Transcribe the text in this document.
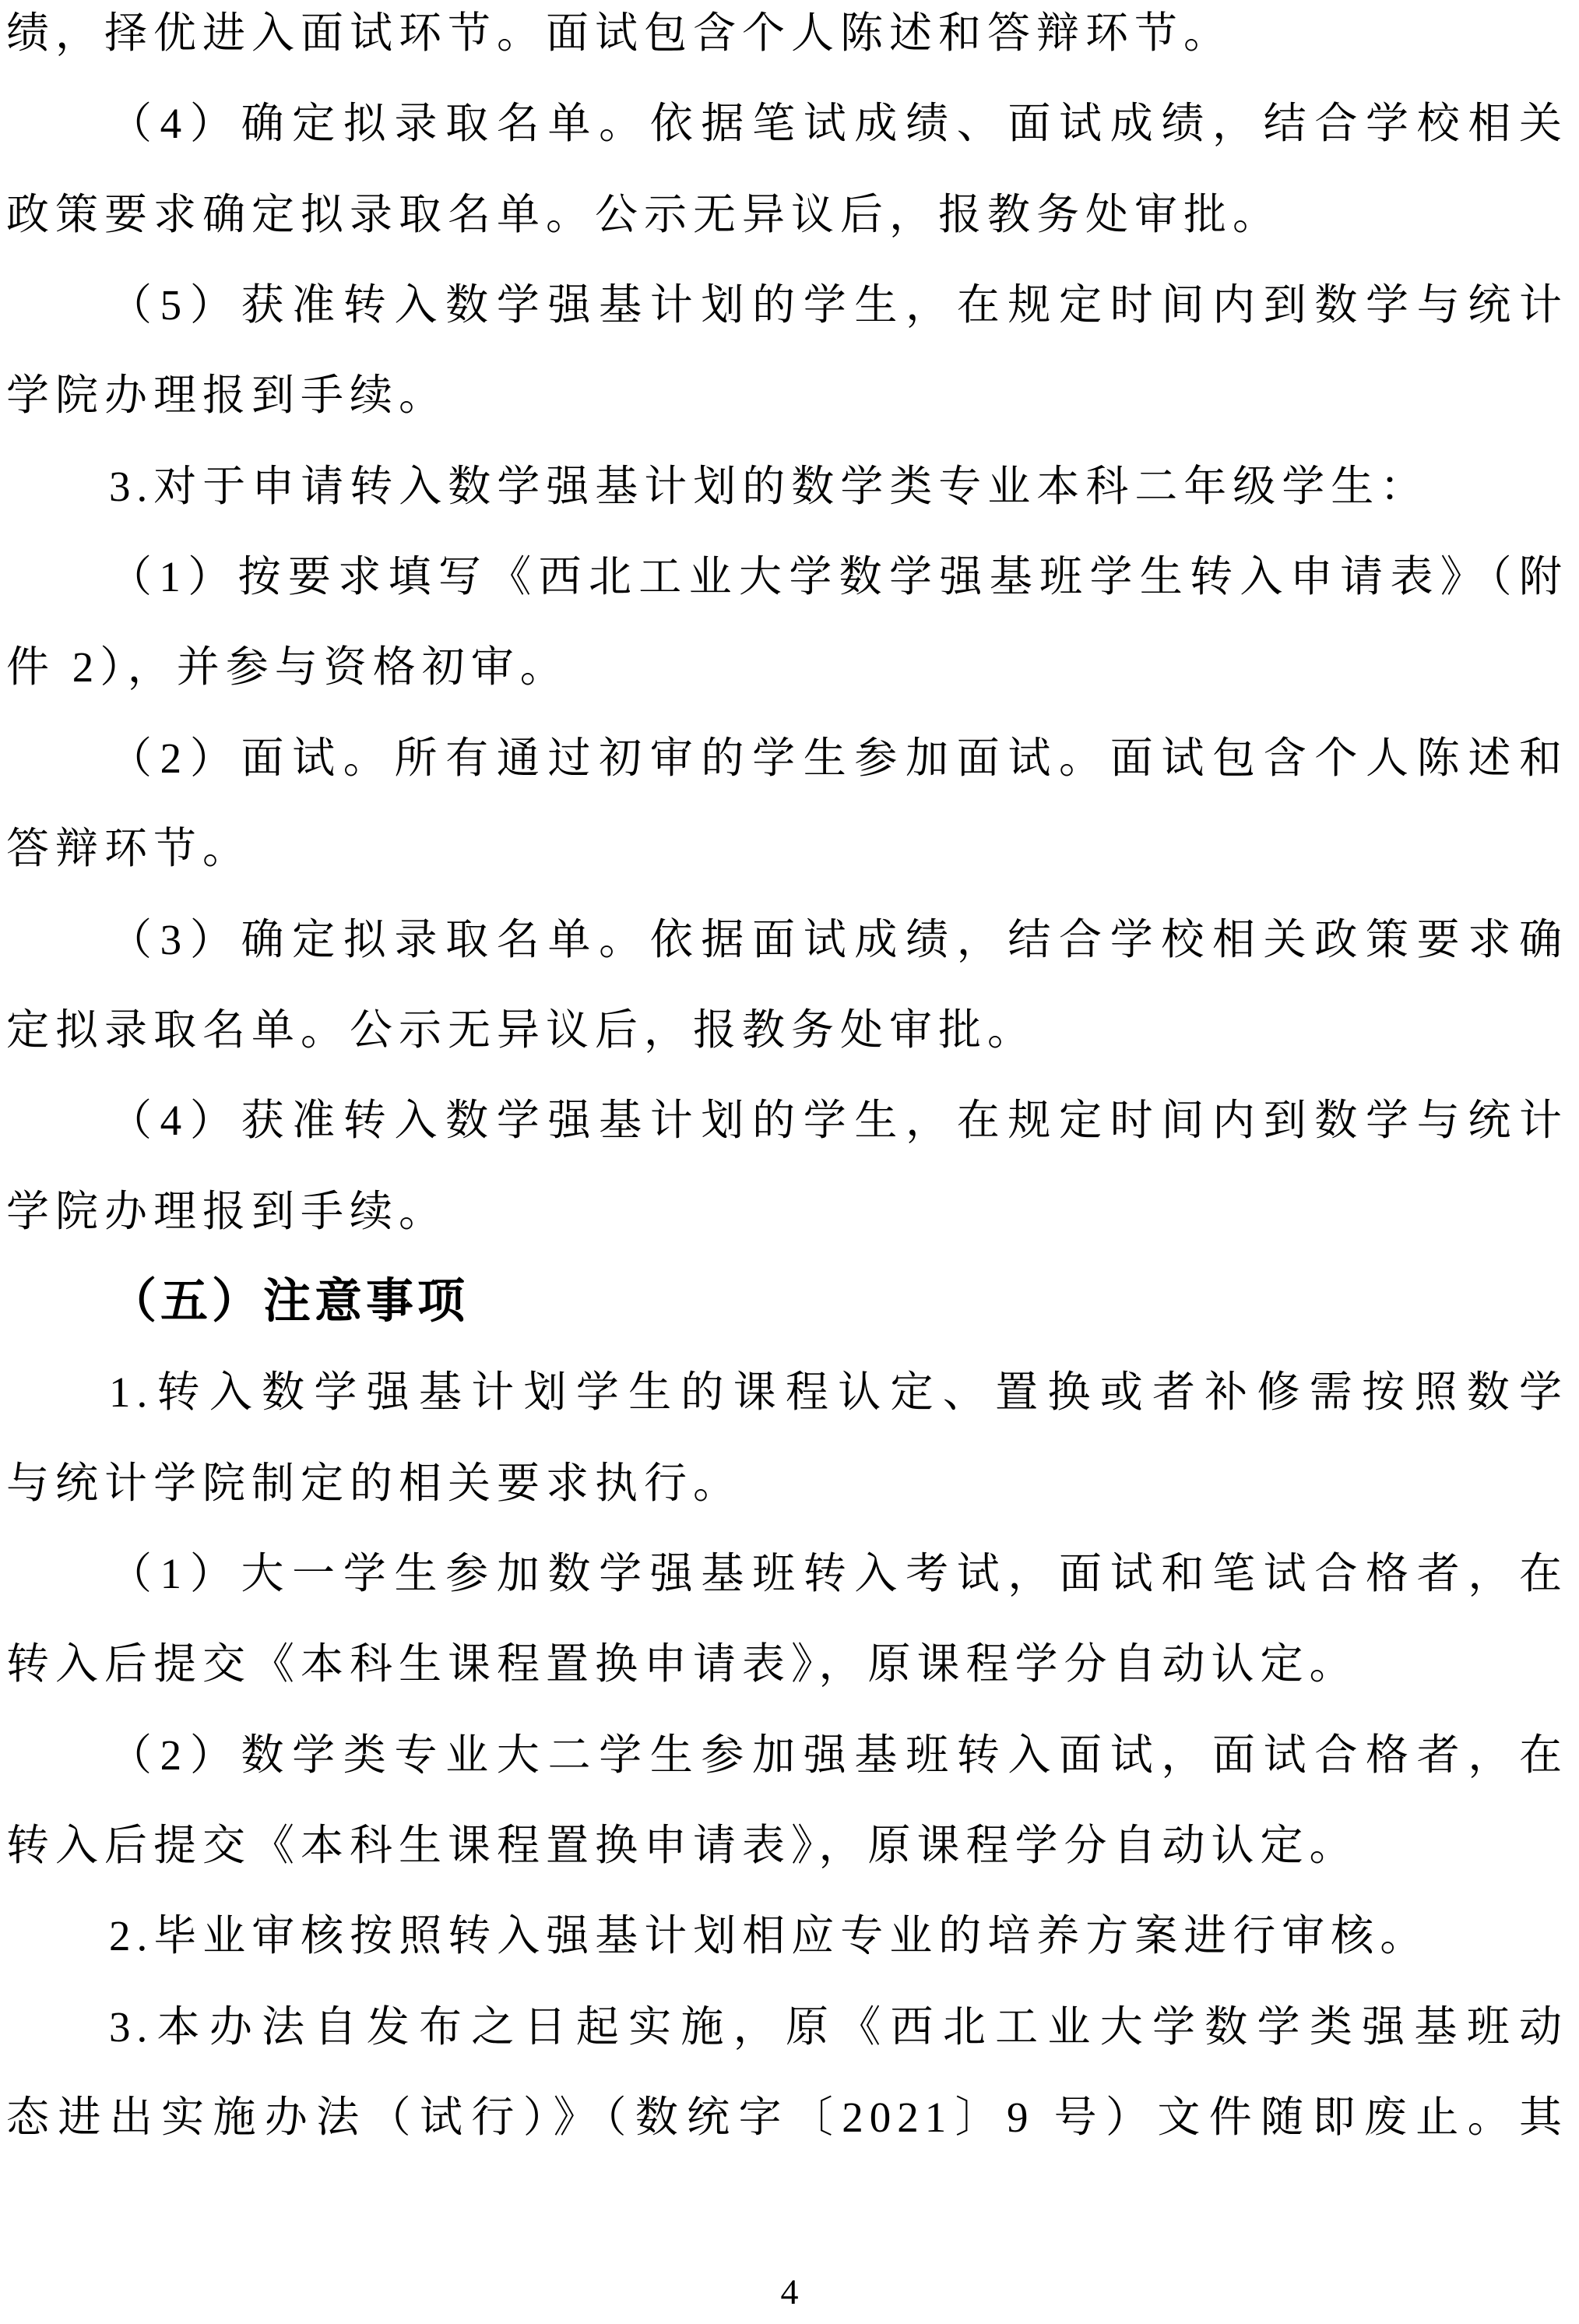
绩，择优进入面试环节。面试包含个人陈述和答辩环节。
（4）确定拟录取名单。依据笔试成绩、面试成绩，结合学校相关
政策要求确定拟录取名单。公示无异议后，报教务处审批。
（5）获准转入数学强基计划的学生，在规定时间内到数学与统计
学院办理报到手续。
3.对于申请转入数学强基计划的数学类专业本科二年级学生：
（1）按要求填写《西北工业大学数学强基班学生转入申请表》（附
件 2），并参与资格初审。
（2）面试。所有通过初审的学生参加面试。面试包含个人陈述和
答辩环节。
（3）确定拟录取名单。依据面试成绩，结合学校相关政策要求确
定拟录取名单。公示无异议后，报教务处审批。
（4）获准转入数学强基计划的学生，在规定时间内到数学与统计
学院办理报到手续。
（五）注意事项
1.转入数学强基计划学生的课程认定、置换或者补修需按照数学
与统计学院制定的相关要求执行。
（1）大一学生参加数学强基班转入考试，面试和笔试合格者，在
转入后提交《本科生课程置换申请表》，原课程学分自动认定。
（2）数学类专业大二学生参加强基班转入面试，面试合格者，在
转入后提交《本科生课程置换申请表》，原课程学分自动认定。
2.毕业审核按照转入强基计划相应专业的培养方案进行审核。
3.本办法自发布之日起实施，原《西北工业大学数学类强基班动
态进出实施办法（试行）》（数统字〔2021〕9 号）文件随即废止。其
4
